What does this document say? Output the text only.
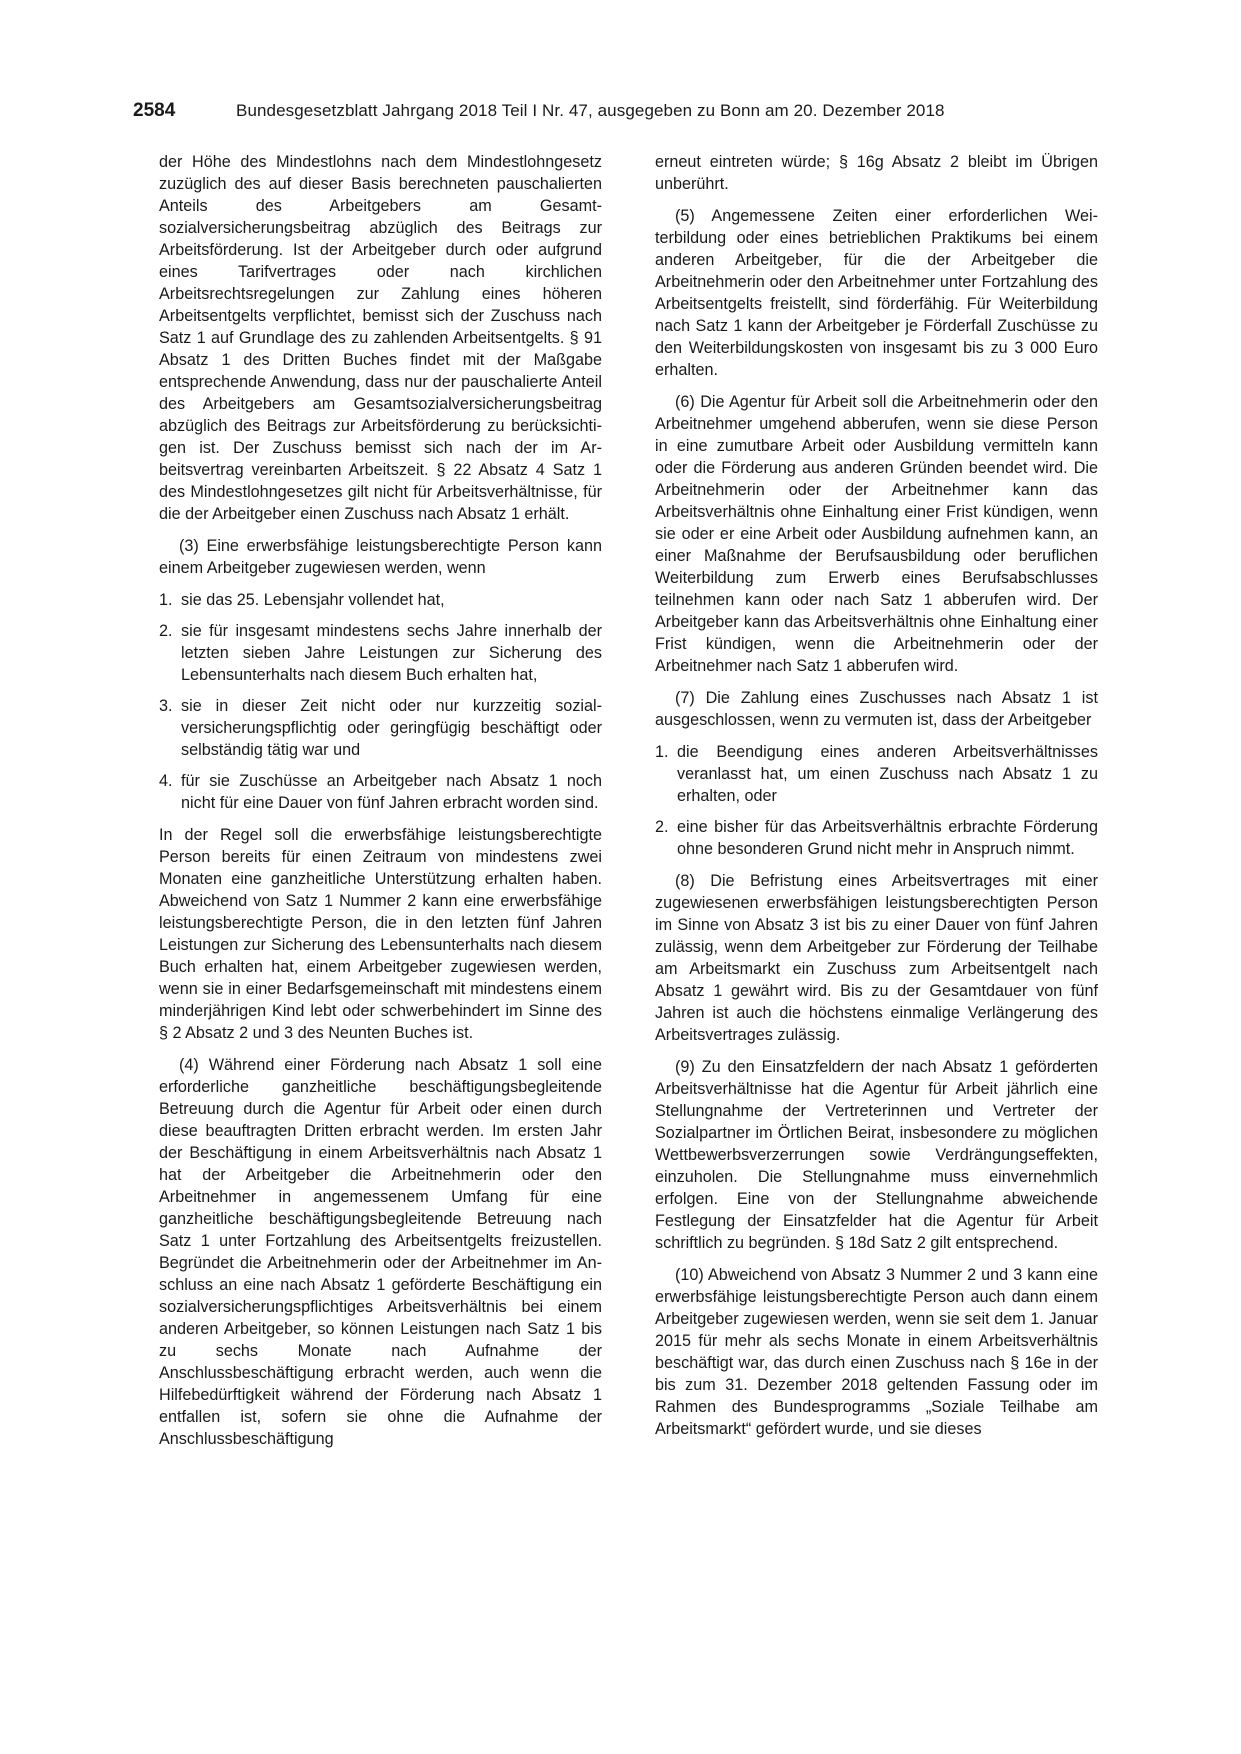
2584	Bundesgesetzblatt Jahrgang 2018 Teil I Nr. 47, ausgegeben zu Bonn am 20. Dezember 2018

der Höhe des Mindestlohns nach dem Mindestlohngesetz zuzüglich des auf dieser Basis berechneten pauschalierten Anteils des Arbeitgebers am Gesamtsozialversicherungsbeitrag abzüglich des Beitrags zur Arbeitsförderung. Ist der Arbeitgeber durch oder aufgrund eines Tarifvertrages oder nach kirchlichen Arbeitsrechtsregelungen zur Zahlung eines höheren Arbeitsentgelts verpflichtet, bemisst sich der Zuschuss nach Satz 1 auf Grundlage des zu zahlenden Arbeitsentgelts. § 91 Absatz 1 des Dritten Buches findet mit der Maßgabe entsprechende Anwendung, dass nur der pauschalierte Anteil des Arbeitgebers am Gesamtsozialversicherungsbeitrag abzüglich des Beitrags zur Arbeitsförderung zu berücksichtigen ist. Der Zuschuss bemisst sich nach der im Arbeitsvertrag vereinbarten Arbeitszeit. § 22 Absatz 4 Satz 1 des Mindestlohngesetzes gilt nicht für Arbeitsverhältnisse, für die der Arbeitgeber einen Zuschuss nach Absatz 1 erhält.

(3) Eine erwerbsfähige leistungsberechtigte Person kann einem Arbeitgeber zugewiesen werden, wenn

1. sie das 25. Lebensjahr vollendet hat,
2. sie für insgesamt mindestens sechs Jahre innerhalb der letzten sieben Jahre Leistungen zur Sicherung des Lebensunterhalts nach diesem Buch erhalten hat,
3. sie in dieser Zeit nicht oder nur kurzzeitig sozialversicherungspflichtig oder geringfügig beschäftigt oder selbständig tätig war und
4. für sie Zuschüsse an Arbeitgeber nach Absatz 1 noch nicht für eine Dauer von fünf Jahren erbracht worden sind.

In der Regel soll die erwerbsfähige leistungsberechtigte Person bereits für einen Zeitraum von mindestens zwei Monaten eine ganzheitliche Unterstützung erhalten haben. Abweichend von Satz 1 Nummer 2 kann eine erwerbsfähige leistungsberechtigte Person, die in den letzten fünf Jahren Leistungen zur Sicherung des Lebensunterhalts nach diesem Buch erhalten hat, einem Arbeitgeber zugewiesen werden, wenn sie in einer Bedarfsgemeinschaft mit mindestens einem minderjährigen Kind lebt oder schwerbehindert im Sinne des § 2 Absatz 2 und 3 des Neunten Buches ist.

(4) Während einer Förderung nach Absatz 1 soll eine erforderliche ganzheitliche beschäftigungsbegleitende Betreuung durch die Agentur für Arbeit oder einen durch diese beauftragten Dritten erbracht werden. Im ersten Jahr der Beschäftigung in einem Arbeitsverhältnis nach Absatz 1 hat der Arbeitgeber die Arbeitnehmerin oder den Arbeitnehmer in angemessenem Umfang für eine ganzheitliche beschäftigungsbegleitende Betreuung nach Satz 1 unter Fortzahlung des Arbeitsentgelts freizustellen. Begründet die Arbeitnehmerin oder der Arbeitnehmer im Anschluss an eine nach Absatz 1 geförderte Beschäftigung ein sozialversicherungspflichtiges Arbeitsverhältnis bei einem anderen Arbeitgeber, so können Leistungen nach Satz 1 bis zu sechs Monate nach Aufnahme der Anschlussbeschäftigung erbracht werden, auch wenn die Hilfebedürftigkeit während der Förderung nach Absatz 1 entfallen ist, sofern sie ohne die Aufnahme der Anschlussbeschäftigung

erneut eintreten würde; § 16g Absatz 2 bleibt im Übrigen unberührt.

(5) Angemessene Zeiten einer erforderlichen Weiterbildung oder eines betrieblichen Praktikums bei einem anderen Arbeitgeber, für die der Arbeitgeber die Arbeitnehmerin oder den Arbeitnehmer unter Fortzahlung des Arbeitsentgelts freistellt, sind förderfähig. Für Weiterbildung nach Satz 1 kann der Arbeitgeber je Förderfall Zuschüsse zu den Weiterbildungskosten von insgesamt bis zu 3 000 Euro erhalten.

(6) Die Agentur für Arbeit soll die Arbeitnehmerin oder den Arbeitnehmer umgehend abberufen, wenn sie diese Person in eine zumutbare Arbeit oder Ausbildung vermitteln kann oder die Förderung aus anderen Gründen beendet wird. Die Arbeitnehmerin oder der Arbeitnehmer kann das Arbeitsverhältnis ohne Einhaltung einer Frist kündigen, wenn sie oder er eine Arbeit oder Ausbildung aufnehmen kann, an einer Maßnahme der Berufsausbildung oder beruflichen Weiterbildung zum Erwerb eines Berufsabschlusses teilnehmen kann oder nach Satz 1 abberufen wird. Der Arbeitgeber kann das Arbeitsverhältnis ohne Einhaltung einer Frist kündigen, wenn die Arbeitnehmerin oder der Arbeitnehmer nach Satz 1 abberufen wird.

(7) Die Zahlung eines Zuschusses nach Absatz 1 ist ausgeschlossen, wenn zu vermuten ist, dass der Arbeitgeber

1. die Beendigung eines anderen Arbeitsverhältnisses veranlasst hat, um einen Zuschuss nach Absatz 1 zu erhalten, oder
2. eine bisher für das Arbeitsverhältnis erbrachte Förderung ohne besonderen Grund nicht mehr in Anspruch nimmt.

(8) Die Befristung eines Arbeitsvertrages mit einer zugewiesenen erwerbsfähigen leistungsberechtigten Person im Sinne von Absatz 3 ist bis zu einer Dauer von fünf Jahren zulässig, wenn dem Arbeitgeber zur Förderung der Teilhabe am Arbeitsmarkt ein Zuschuss zum Arbeitsentgelt nach Absatz 1 gewährt wird. Bis zu der Gesamtdauer von fünf Jahren ist auch die höchstens einmalige Verlängerung des Arbeitsvertrages zulässig.

(9) Zu den Einsatzfeldern der nach Absatz 1 geförderten Arbeitsverhältnisse hat die Agentur für Arbeit jährlich eine Stellungnahme der Vertreterinnen und Vertreter der Sozialpartner im Örtlichen Beirat, insbesondere zu möglichen Wettbewerbsverzerrungen sowie Verdrängungseffekten, einzuholen. Die Stellungnahme muss einvernehmlich erfolgen. Eine von der Stellungnahme abweichende Festlegung der Einsatzfelder hat die Agentur für Arbeit schriftlich zu begründen. § 18d Satz 2 gilt entsprechend.

(10) Abweichend von Absatz 3 Nummer 2 und 3 kann eine erwerbsfähige leistungsberechtigte Person auch dann einem Arbeitgeber zugewiesen werden, wenn sie seit dem 1. Januar 2015 für mehr als sechs Monate in einem Arbeitsverhältnis beschäftigt war, das durch einen Zuschuss nach § 16e in der bis zum 31. Dezember 2018 geltenden Fassung oder im Rahmen des Bundesprogramms „Soziale Teilhabe am Arbeitsmarkt“ gefördert wurde, und sie dieses
